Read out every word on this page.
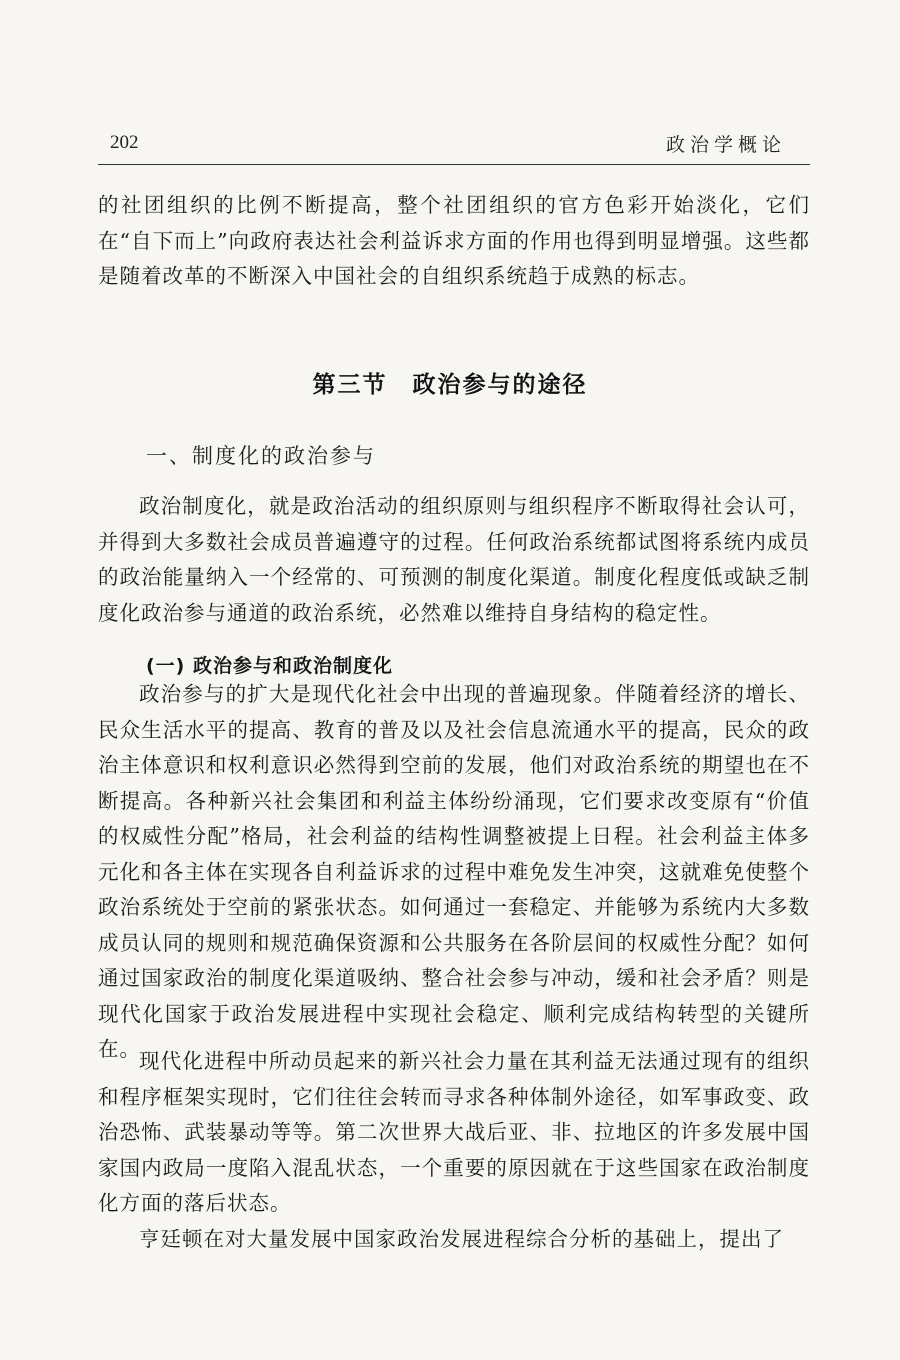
202	政治学概论

的社团组织的比例不断提高，整个社团组织的官方色彩开始淡化，它们在“自下而上”向政府表达社会利益诉求方面的作用也得到明显增强。这些都是随着改革的不断深入中国社会的自组织系统趋于成熟的标志。

第三节　政治参与的途径
一、制度化的政治参与

政治制度化，就是政治活动的组织原则与组织程序不断取得社会认可，并得到大多数社会成员普遍遵守的过程。任何政治系统都试图将系统内成员的政治能量纳入一个经常的、可预测的制度化渠道。制度化程度低或缺乏制度化政治参与通道的政治系统，必然难以维持自身结构的稳定性。

(一) 政治参与和政治制度化

政治参与的扩大是现代化社会中出现的普遍现象。伴随着经济的增长、民众生活水平的提高、教育的普及以及社会信息流通水平的提高，民众的政治主体意识和权利意识必然得到空前的发展，他们对政治系统的期望也在不断提高。各种新兴社会集团和利益主体纷纷涌现，它们要求改变原有“价值的权威性分配”格局，社会利益的结构性调整被提上日程。社会利益主体多元化和各主体在实现各自利益诉求的过程中难免发生冲突，这就难免使整个政治系统处于空前的紧张状态。如何通过一套稳定、并能够为系统内大多数成员认同的规则和规范确保资源和公共服务在各阶层间的权威性分配？如何通过国家政治的制度化渠道吸纳、整合社会参与冲动，缓和社会矛盾？则是现代化国家于政治发展进程中实现社会稳定、顺利完成结构转型的关键所在。

现代化进程中所动员起来的新兴社会力量在其利益无法通过现有的组织和程序框架实现时，它们往往会转而寻求各种体制外途径，如军事政变、政治恐怖、武装暴动等等。第二次世界大战后亚、非、拉地区的许多发展中国家国内政局一度陷入混乱状态，一个重要的原因就在于这些国家在政治制度化方面的落后状态。

亨廷顿在对大量发展中国家政治发展进程综合分析的基础上，提出了
